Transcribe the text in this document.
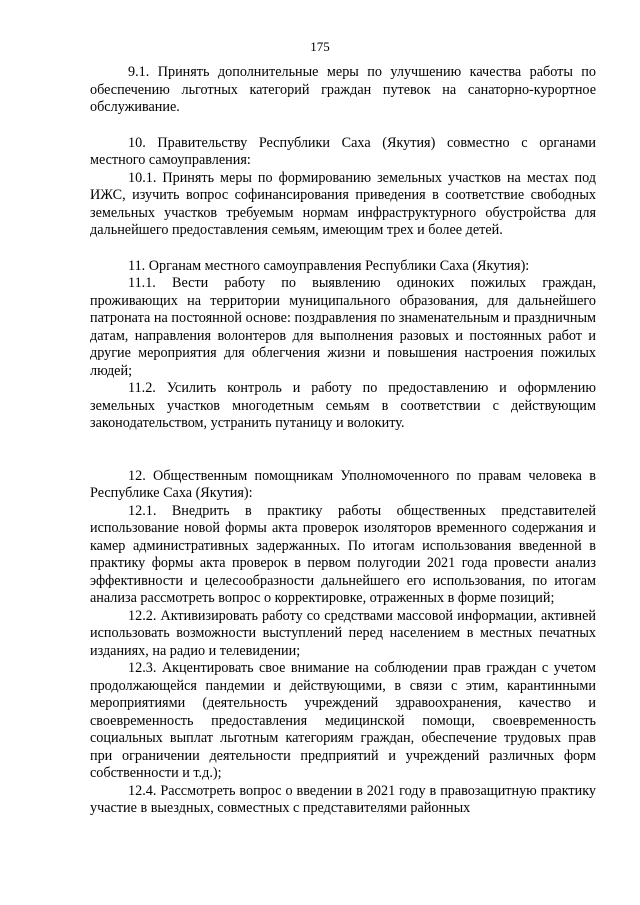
175

9.1. Принять дополнительные меры по улучшению качества работы по обеспечению льготных категорий граждан путевок на санаторно-курортное обслуживание.

10. Правительству Республики Саха (Якутия) совместно с органами местного самоуправления:

10.1. Принять меры по формированию земельных участков на местах под ИЖС, изучить вопрос софинансирования приведения в соответствие свободных земельных участков требуемым нормам инфраструктурного обустройства для дальнейшего предоставления семьям, имеющим трех и более детей.

11. Органам местного самоуправления Республики Саха (Якутия):

11.1. Вести работу по выявлению одиноких пожилых граждан, проживающих на территории муниципального образования, для дальнейшего патроната на постоянной основе: поздравления по знаменательным и праздничным датам, направления волонтеров для выполнения разовых и постоянных работ и другие мероприятия для облегчения жизни и повышения настроения пожилых людей;

11.2. Усилить контроль и работу по предоставлению и оформлению земельных участков многодетным семьям в соответствии с действующим законодательством, устранить путаницу и волокиту.

12. Общественным помощникам Уполномоченного по правам человека в Республике Саха (Якутия):

12.1. Внедрить в практику работы общественных представителей использование новой формы акта проверок изоляторов временного содержания и камер административных задержанных. По итогам использования введенной в практику формы акта проверок в первом полугодии 2021 года провести анализ эффективности и целесообразности дальнейшего его использования, по итогам анализа рассмотреть вопрос о корректировке, отраженных в форме позиций;

12.2. Активизировать работу со средствами массовой информации, активней использовать возможности выступлений перед населением в местных печатных изданиях, на радио и телевидении;

12.3. Акцентировать свое внимание на соблюдении прав граждан с учетом продолжающейся пандемии и действующими, в связи с этим, карантинными мероприятиями (деятельность учреждений здравоохранения, качество и своевременность предоставления медицинской помощи, своевременность социальных выплат льготным категориям граждан, обеспечение трудовых прав при ограничении деятельности предприятий и учреждений различных форм собственности и т.д.);

12.4. Рассмотреть вопрос о введении в 2021 году в правозащитную практику участие в выездных, совместных с представителями районных
